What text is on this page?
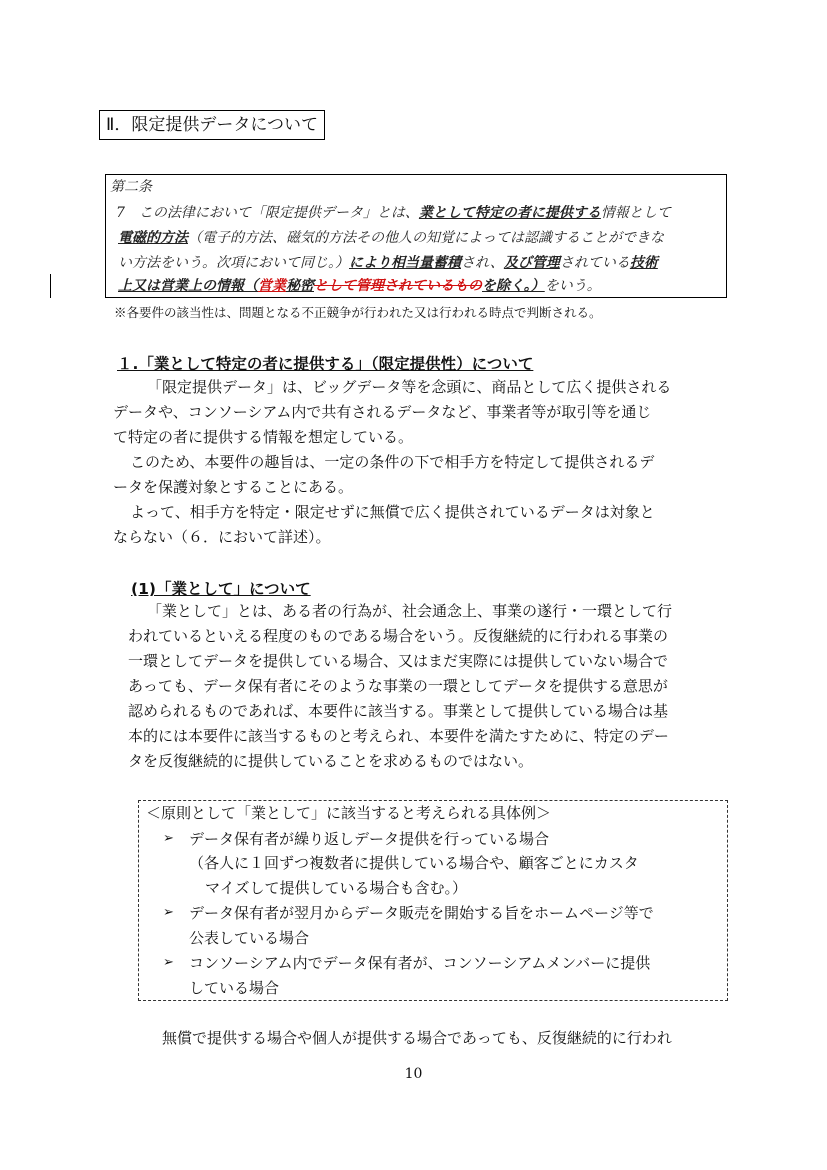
Ⅱ．限定提供データについて
第二条
7　この法律において「限定提供データ」とは、業として特定の者に提供する情報として
電磁的方法（電子的方法、磁気的方法その他人の知覚によっては認識することができな
い方法をいう。次項において同じ。）により相当量蓄積され、及び管理されている技術
上又は営業上の情報（営業秘密として管理されているものを除く。）をいう。
※各要件の該当性は、問題となる不正競争が行われた又は行われる時点で判断される。
１.「業として特定の者に提供する」（限定提供性）について
「限定提供データ」は、ビッグデータ等を念頭に、商品として広く提供される
データや、コンソーシアム内で共有されるデータなど、事業者等が取引等を通じ
て特定の者に提供する情報を想定している。
このため、本要件の趣旨は、一定の条件の下で相手方を特定して提供されるデ
ータを保護対象とすることにある。
よって、相手方を特定・限定せずに無償で広く提供されているデータは対象と
ならない（６．において詳述）。
(1)「業として」について
「業として」とは、ある者の行為が、社会通念上、事業の遂行・一環として行
われているといえる程度のものである場合をいう。反復継続的に行われる事業の
一環としてデータを提供している場合、又はまだ実際には提供していない場合で
あっても、データ保有者にそのような事業の一環としてデータを提供する意思が
認められるものであれば、本要件に該当する。事業として提供している場合は基
本的には本要件に該当するものと考えられ、本要件を満たすために、特定のデー
タを反復継続的に提供していることを求めるものではない。
＜原則として「業として」に該当すると考えられる具体例＞
➢ データ保有者が繰り返しデータ提供を行っている場合
（各人に１回ずつ複数者に提供している場合や、顧客ごとにカスタ
マイズして提供している場合も含む。）
➢ データ保有者が翌月からデータ販売を開始する旨をホームページ等で
公表している場合
➢ コンソーシアム内でデータ保有者が、コンソーシアムメンバーに提供
している場合
無償で提供する場合や個人が提供する場合であっても、反復継続的に行われ
10
